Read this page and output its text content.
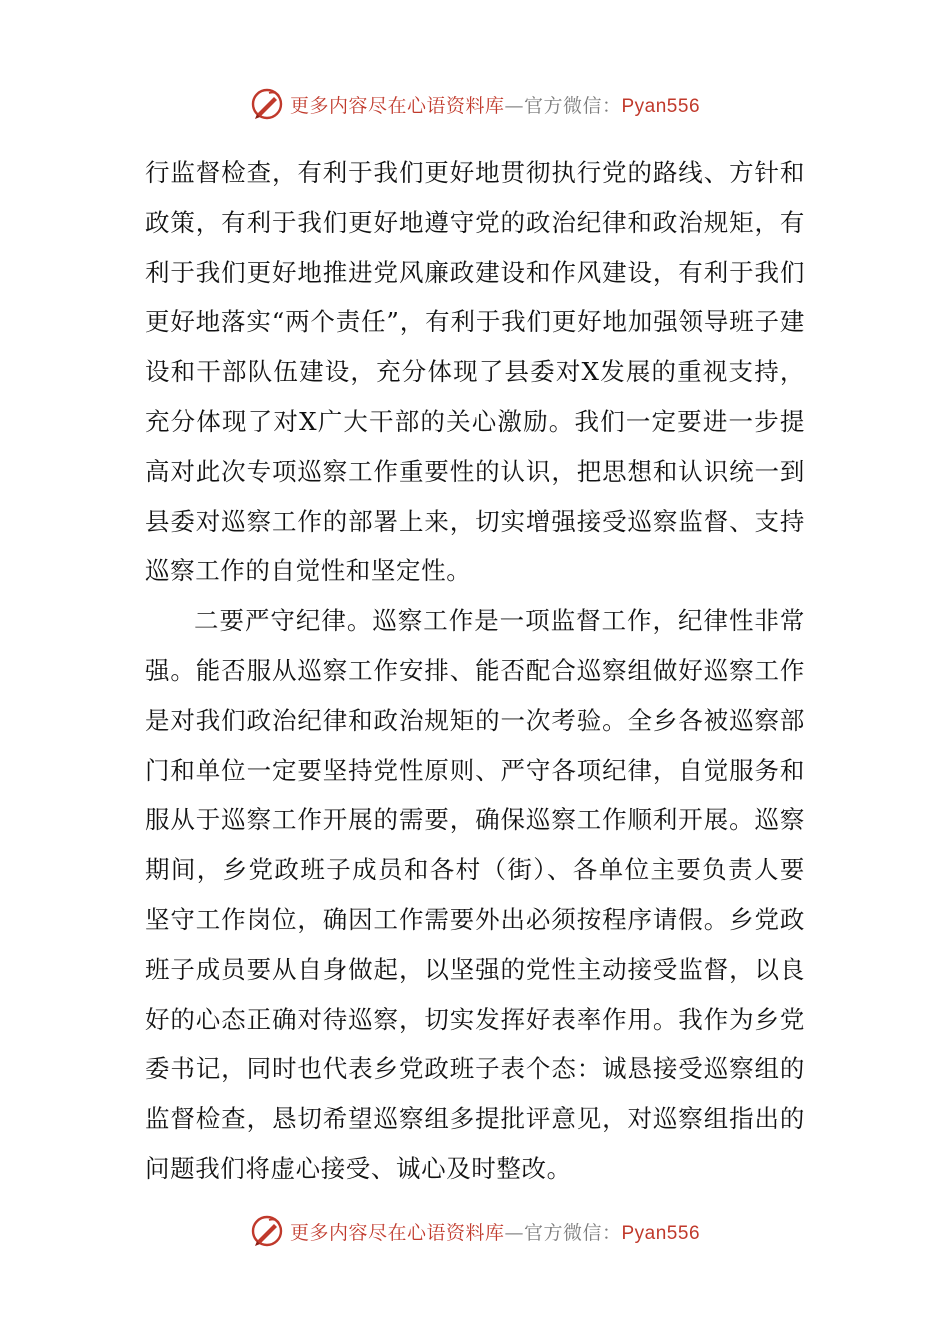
更多内容尽在心语资料库—官方微信：Pyan556

行监督检查，有利于我们更好地贯彻执行党的路线、方针和政策，有利于我们更好地遵守党的政治纪律和政治规矩，有利于我们更好地推进党风廉政建设和作风建设，有利于我们更好地落实“两个责任”，有利于我们更好地加强领导班子建设和干部队伍建设，充分体现了县委对X发展的重视支持，充分体现了对X广大干部的关心激励。我们一定要进一步提高对此次专项巡察工作重要性的认识，把思想和认识统一到县委对巡察工作的部署上来，切实增强接受巡察监督、支持巡察工作的自觉性和坚定性。

二要严守纪律。巡察工作是一项监督工作，纪律性非常强。能否服从巡察工作安排、能否配合巡察组做好巡察工作是对我们政治纪律和政治规矩的一次考验。全乡各被巡察部门和单位一定要坚持党性原则、严守各项纪律，自觉服务和服从于巡察工作开展的需要，确保巡察工作顺利开展。巡察期间，乡党政班子成员和各村（街）、各单位主要负责人要坚守工作岗位，确因工作需要外出必须按程序请假。乡党政班子成员要从自身做起，以坚强的党性主动接受监督，以良好的心态正确对待巡察，切实发挥好表率作用。我作为乡党委书记，同时也代表乡党政班子表个态：诚恳接受巡察组的监督检查，恳切希望巡察组多提批评意见，对巡察组指出的问题我们将虚心接受、诚心及时整改。

更多内容尽在心语资料库—官方微信：Pyan556
